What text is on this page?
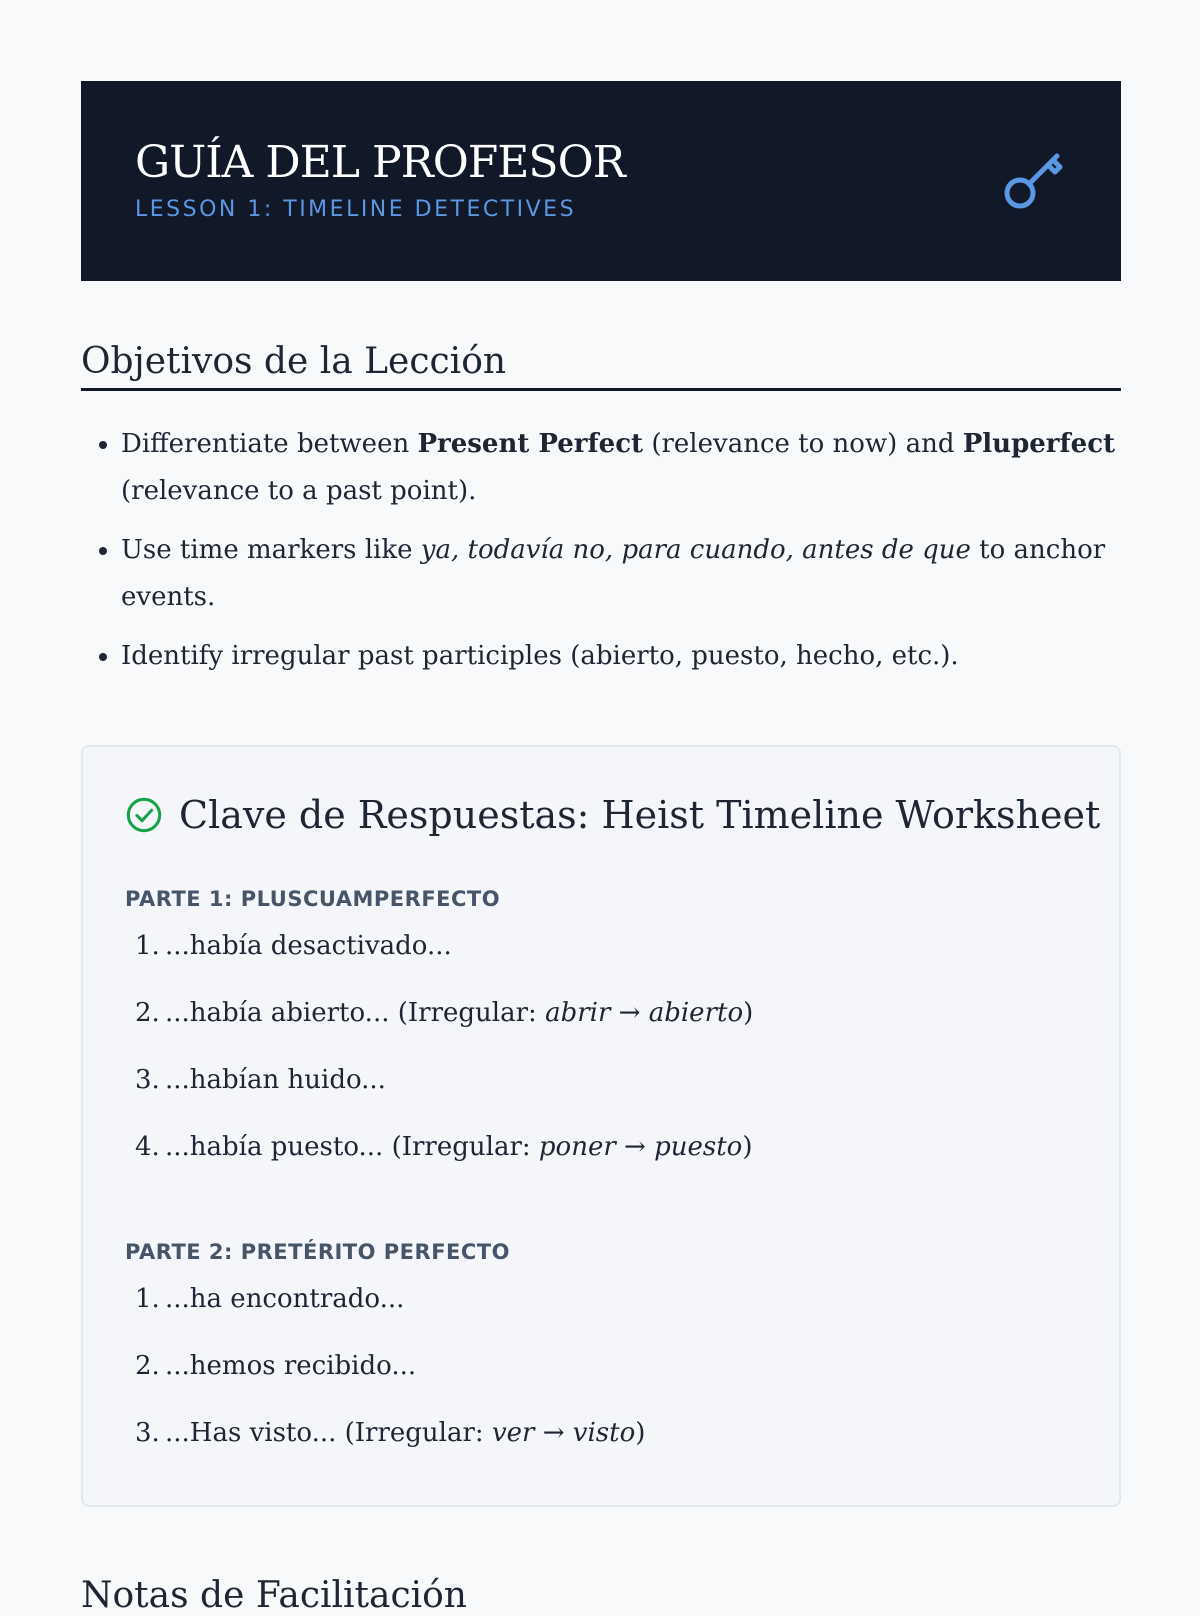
GUÍA DEL PROFESOR
LESSON 1: TIMELINE DETECTIVES
Objetivos de la Lección
• Differentiate between Present Perfect (relevance to now) and Pluperfect (relevance to a past point).
• Use time markers like ya, todavía no, para cuando, antes de que to anchor events.
• Identify irregular past participles (abierto, puesto, hecho, etc.).
Clave de Respuestas: Heist Timeline Worksheet
PARTE 1: PLUSCUAMPERFECTO
1. ...había desactivado...
2. ...había abierto... (Irregular: abrir → abierto)
3. ...habían huido...
4. ...había puesto... (Irregular: poner → puesto)
PARTE 2: PRETÉRITO PERFECTO
1. ...ha encontrado...
2. ...hemos recibido...
3. ...Has visto... (Irregular: ver → visto)
Notas de Facilitación
